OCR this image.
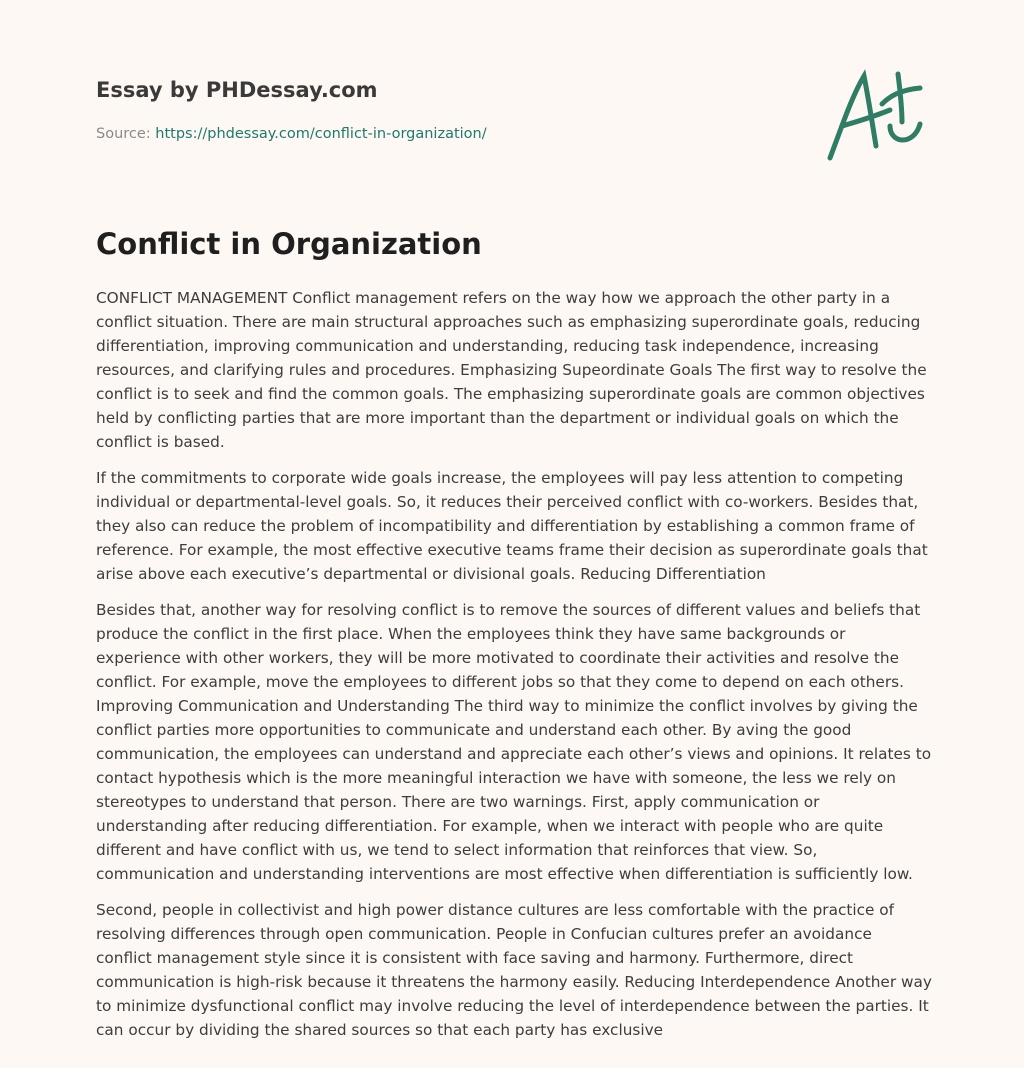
Essay by PHDessay.com
Source: https://phdessay.com/conflict-in-organization/
Conflict in Organization

CONFLICT MANAGEMENT Conflict management refers on the way how we approach the other party in a conflict situation. There are main structural approaches such as emphasizing superordinate goals, reducing differentiation, improving communication and understanding, reducing task independence, increasing resources, and clarifying rules and procedures. Emphasizing Supeordinate Goals The first way to resolve the conflict is to seek and find the common goals. The emphasizing superordinate goals are common objectives held by conflicting parties that are more important than the department or individual goals on which the conflict is based.

If the commitments to corporate wide goals increase, the employees will pay less attention to competing individual or departmental-level goals. So, it reduces their perceived conflict with co-workers. Besides that, they also can reduce the problem of incompatibility and differentiation by establishing a common frame of reference. For example, the most effective executive teams frame their decision as superordinate goals that arise above each executive’s departmental or divisional goals. Reducing Differentiation

Besides that, another way for resolving conflict is to remove the sources of different values and beliefs that produce the conflict in the first place. When the employees think they have same backgrounds or experience with other workers, they will be more motivated to coordinate their activities and resolve the conflict. For example, move the employees to different jobs so that they come to depend on each others. Improving Communication and Understanding The third way to minimize the conflict involves by giving the conflict parties more opportunities to communicate and understand each other. By aving the good communication, the employees can understand and appreciate each other’s views and opinions. It relates to contact hypothesis which is the more meaningful interaction we have with someone, the less we rely on stereotypes to understand that person. There are two warnings. First, apply communication or understanding after reducing differentiation. For example, when we interact with people who are quite different and have conflict with us, we tend to select information that reinforces that view. So, communication and understanding interventions are most effective when differentiation is sufficiently low.

Second, people in collectivist and high power distance cultures are less comfortable with the practice of resolving differences through open communication. People in Confucian cultures prefer an avoidance conflict management style since it is consistent with face saving and harmony. Furthermore, direct communication is high-risk because it threatens the harmony easily. Reducing Interdependence Another way to minimize dysfunctional conflict may involve reducing the level of interdependence between the parties. It can occur by dividing the shared sources so that each party has exclusive
